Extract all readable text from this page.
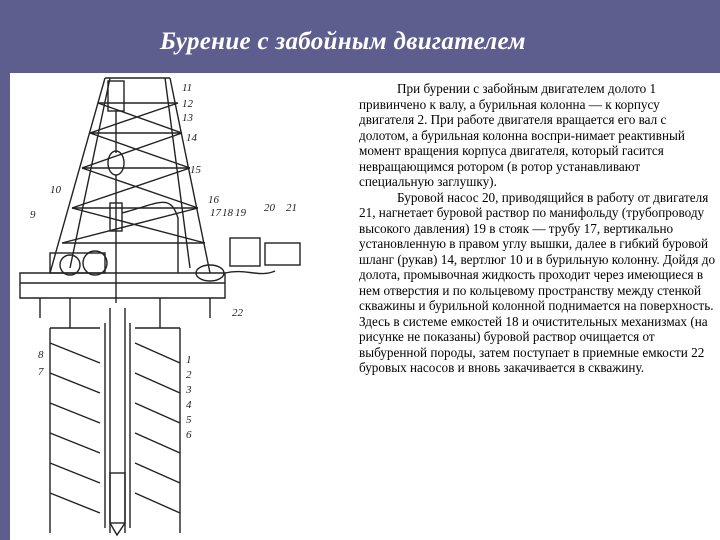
Бурение с забойным двигателем
11
12
13
14
15
16
17 18 19 20 21
22
10
1
2
3
4
5
6
9
8
7

При бурении с забойным двигателем долото 1 привинчено к валу, а бурильная колонна — к корпусу двигателя 2. При работе двигателя вращается его вал с долотом, а бурильная колонна воспри-нимает реактивный момент вращения корпуса двигателя, который гасится невращающимся ротором (в ротор устанавливают специальную заглушку).

Буровой насос 20, приводящийся в работу от двигателя 21, нагнетает буровой раствор по манифольду (трубопроводу высокого давления) 19 в стояк — трубу 17, вертикально установленную в правом углу вышки, далее в гибкий буровой шланг (рукав) 14, вертлюг 10 и в бурильную колонну. Дойдя до долота, промывочная жидкость проходит через имеющиеся в нем отверстия и по кольцевому пространству между стенкой скважины и бурильной колонной поднимается на поверхность. Здесь в системе емкостей 18 и очистительных механизмах (на рисунке не показаны) буровой раствор очищается от выбуренной породы, затем поступает в приемные емкости 22 буровых насосов и вновь закачивается в скважину.
